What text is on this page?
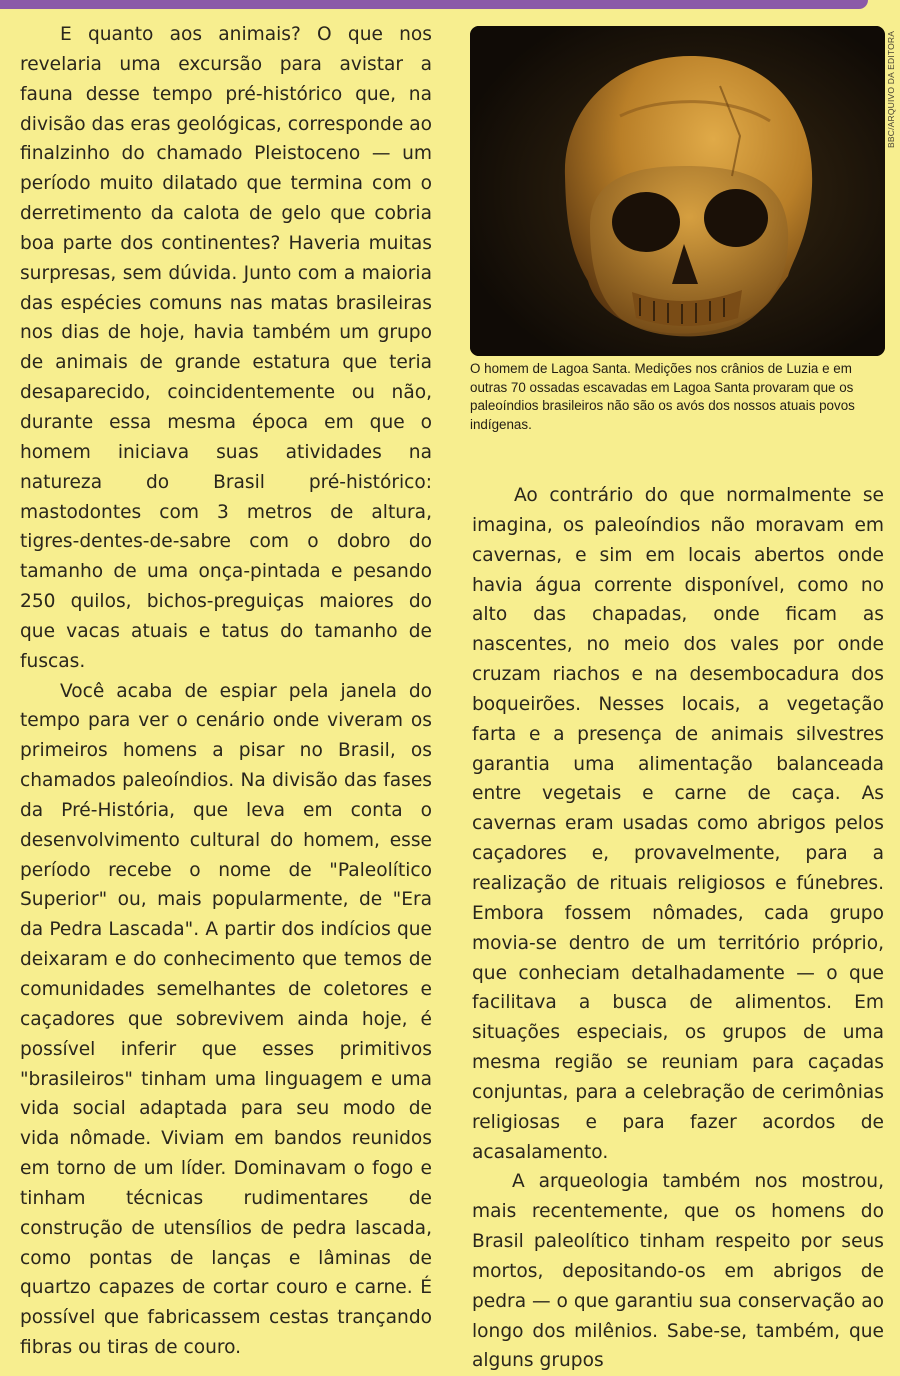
E quanto aos animais? O que nos revelaria uma excursão para avistar a fauna desse tempo pré-histórico que, na divisão das eras geológicas, corresponde ao finalzinho do chamado Pleistoceno — um período muito dilatado que termina com o derretimento da calota de gelo que cobria boa parte dos continentes? Haveria muitas surpresas, sem dúvida. Junto com a maioria das espécies comuns nas matas brasileiras nos dias de hoje, havia também um grupo de animais de grande estatura que teria desaparecido, coincidentemente ou não, durante essa mesma época em que o homem iniciava suas atividades na natureza do Brasil pré-histórico: mastodontes com 3 metros de altura, tigres-dentes-de-sabre com o dobro do tamanho de uma onça-pintada e pesando 250 quilos, bichos-preguiças maiores do que vacas atuais e tatus do tamanho de fuscas.

Você acaba de espiar pela janela do tempo para ver o cenário onde viveram os primeiros homens a pisar no Brasil, os chamados paleoíndios. Na divisão das fases da Pré-História, que leva em conta o desenvolvimento cultural do homem, esse período recebe o nome de "Paleolítico Superior" ou, mais popularmente, de "Era da Pedra Lascada". A partir dos indícios que deixaram e do conhecimento que temos de comunidades semelhantes de coletores e caçadores que sobrevivem ainda hoje, é possível inferir que esses primitivos "brasileiros" tinham uma linguagem e uma vida social adaptada para seu modo de vida nômade. Viviam em bandos reunidos em torno de um líder. Dominavam o fogo e tinham técnicas rudimentares de construção de utensílios de pedra lascada, como pontas de lanças e lâminas de quartzo capazes de cortar couro e carne. É possível que fabricassem cestas trançando fibras ou tiras de couro.

BBC/ARQUIVO DA EDITORA
O homem de Lagoa Santa. Medições nos crânios de Luzia e em outras 70 ossadas escavadas em Lagoa Santa provaram que os paleoíndios brasileiros não são os avós dos nossos atuais povos indígenas.

Ao contrário do que normalmente se imagina, os paleoíndios não moravam em cavernas, e sim em locais abertos onde havia água corrente disponível, como no alto das chapadas, onde ficam as nascentes, no meio dos vales por onde cruzam riachos e na desembocadura dos boqueirões. Nesses locais, a vegetação farta e a presença de animais silvestres garantia uma alimentação balanceada entre vegetais e carne de caça. As cavernas eram usadas como abrigos pelos caçadores e, provavelmente, para a realização de rituais religiosos e fúnebres. Embora fossem nômades, cada grupo movia-se dentro de um território próprio, que conheciam detalhadamente — o que facilitava a busca de alimentos. Em situações especiais, os grupos de uma mesma região se reuniam para caçadas conjuntas, para a celebração de cerimônias religiosas e para fazer acordos de acasalamento.

A arqueologia também nos mostrou, mais recentemente, que os homens do Brasil paleolítico tinham respeito por seus mortos, depositando-os em abrigos de pedra — o que garantiu sua conservação ao longo dos milênios. Sabe-se, também, que alguns grupos
